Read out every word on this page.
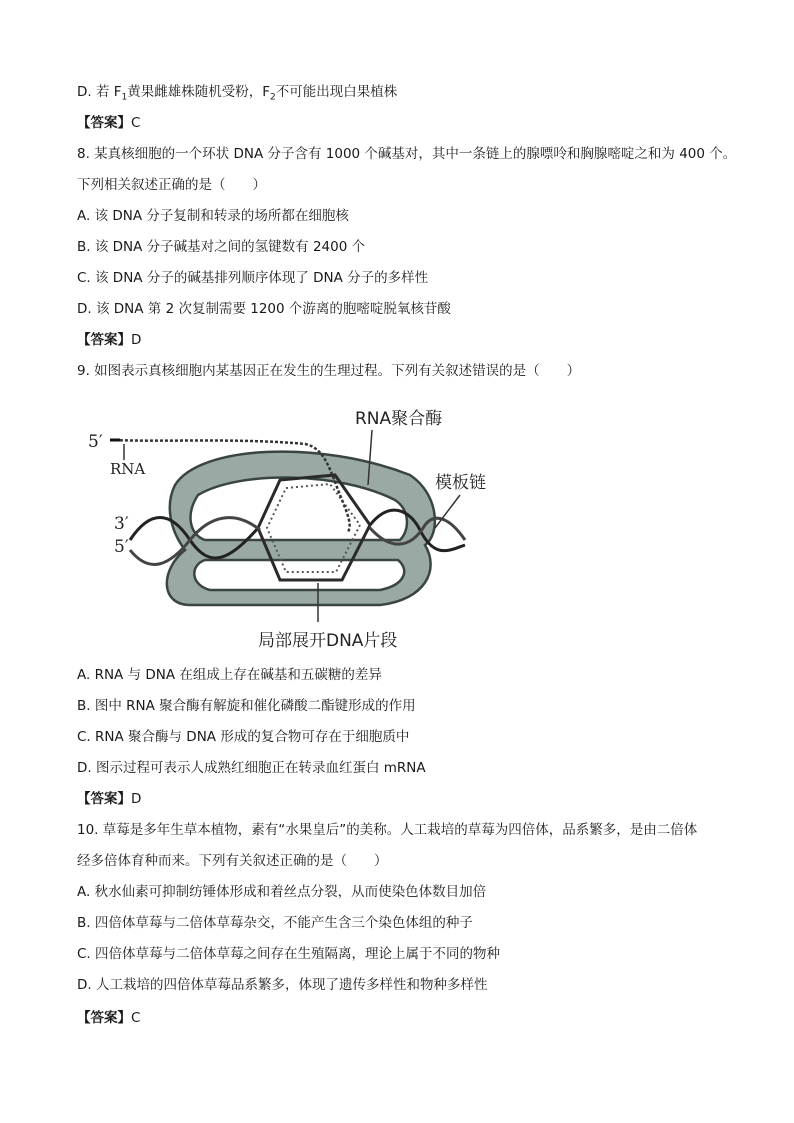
D. 若 $F_1$黄果雌雄株随机受粉，$F_2$不可能出现白果植株
【答案】C
8. 某真核细胞的一个环状 DNA 分子含有 1000 个碱基对，其中一条链上的腺嘌呤和胸腺嘧啶之和为 400 个。
下列相关叙述正确的是（　　）
A. 该 DNA 分子复制和转录的场所都在细胞核
B. 该 DNA 分子碱基对之间的氢键数有 2400 个
C. 该 DNA 分子的碱基排列顺序体现了 DNA 分子的多样性
D. 该 DNA 第 2 次复制需要 1200 个游离的胞嘧啶脱氧核苷酸
【答案】D
9. 如图表示真核细胞内某基因正在发生的生理过程。下列有关叙述错误的是（　　）
RNA聚合酶
模板链
RNA
5′
3′
5′
局部展开DNA片段
A. RNA 与 DNA 在组成上存在碱基和五碳糖的差异
B. 图中 RNA 聚合酶有解旋和催化磷酸二酯键形成的作用
C. RNA 聚合酶与 DNA 形成的复合物可存在于细胞质中
D. 图示过程可表示人成熟红细胞正在转录血红蛋白 mRNA
【答案】D
10. 草莓是多年生草本植物，素有“水果皇后”的美称。人工栽培的草莓为四倍体，品系繁多，是由二倍体
经多倍体育种而来。下列有关叙述正确的是（　　）
A. 秋水仙素可抑制纺锤体形成和着丝点分裂，从而使染色体数目加倍
B. 四倍体草莓与二倍体草莓杂交，不能产生含三个染色体组的种子
C. 四倍体草莓与二倍体草莓之间存在生殖隔离，理论上属于不同的物种
D. 人工栽培的四倍体草莓品系繁多，体现了遗传多样性和物种多样性
【答案】C
